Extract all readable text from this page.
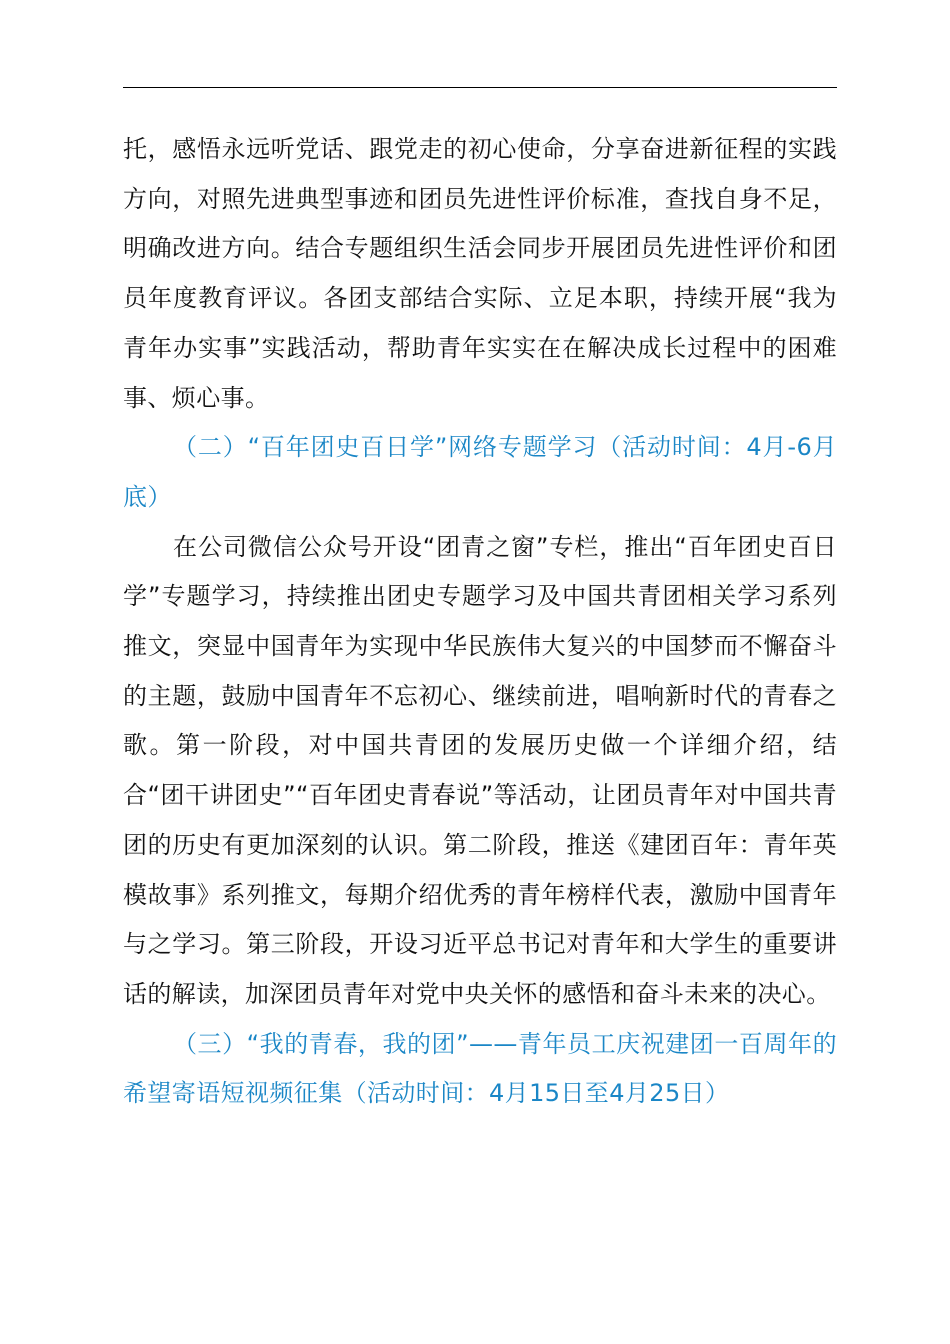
托，感悟永远听党话、跟党走的初心使命，分享奋进新征程的实践方向，对照先进典型事迹和团员先进性评价标准，查找自身不足，明确改进方向。结合专题组织生活会同步开展团员先进性评价和团员年度教育评议。各团支部结合实际、立足本职，持续开展“我为青年办实事”实践活动，帮助青年实实在在解决成长过程中的困难事、烦心事。

（二）“百年团史百日学”网络专题学习（活动时间：4月-6月底）

在公司微信公众号开设“团青之窗”专栏，推出“百年团史百日学”专题学习，持续推出团史专题学习及中国共青团相关学习系列推文，突显中国青年为实现中华民族伟大复兴的中国梦而不懈奋斗的主题，鼓励中国青年不忘初心、继续前进，唱响新时代的青春之歌。第一阶段，对中国共青团的发展历史做一个详细介绍，结合“团干讲团史”“百年团史青春说”等活动，让团员青年对中国共青团的历史有更加深刻的认识。第二阶段，推送《建团百年：青年英模故事》系列推文，每期介绍优秀的青年榜样代表，激励中国青年与之学习。第三阶段，开设习近平总书记对青年和大学生的重要讲话的解读，加深团员青年对党中央关怀的感悟和奋斗未来的决心。

（三）“我的青春，我的团”——青年员工庆祝建团一百周年的希望寄语短视频征集（活动时间：4月15日至4月25日）
